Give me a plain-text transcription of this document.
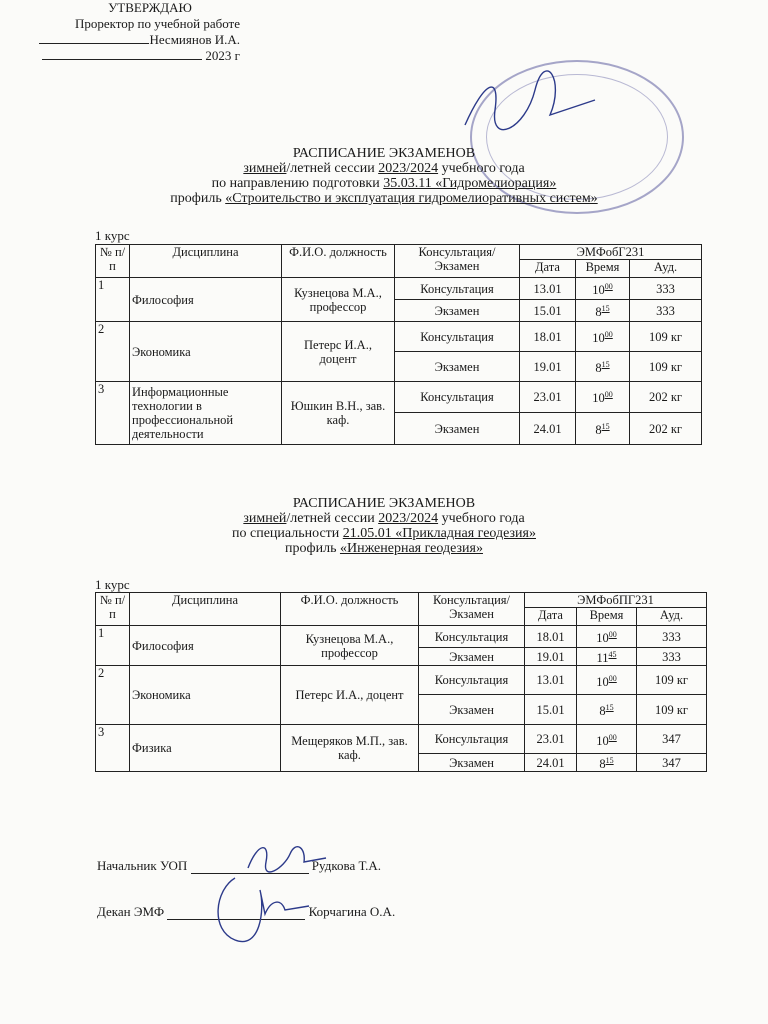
УТВЕРЖДАЮ
Проректор по учебной работе
Несмиянов И.А.
2023 г
РАСПИСАНИЕ ЭКЗАМЕНОВ
зимней/летней сессии 2023/2024 учебного года
по направлению подготовки 35.03.11 «Гидромелиорация»
профиль «Строительство и эксплуатация гидромелиоративных систем»
1 курс
№ п/п	Дисциплина	Ф.И.О. должность	Консультация/ Экзамен	ЭМФобГ231		
				Дата	Время	Ауд.
1	Философия	Кузнецова М.А., профессор	Консультация	13.01	$10^{00}$	333
			Экзамен	15.01	$8^{15}$	333
2	Экономика	Петерс И.А., доцент	Консультация	18.01	$10^{00}$	109 кг
			Экзамен	19.01	$8^{15}$	109 кг
3	Информационные технологии в профессиональной деятельности	Юшкин В.Н., зав. каф.	Консультация	23.01	$10^{00}$	202 кг
			Экзамен	24.01	$8^{15}$	202 кг
РАСПИСАНИЕ ЭКЗАМЕНОВ
зимней/летней сессии 2023/2024 учебного года
по специальности 21.05.01 «Прикладная геодезия»
профиль «Инженерная геодезия»
1 курс
№ п/п	Дисциплина	Ф.И.О. должность	Консультация/ Экзамен	ЭМФобПГ231		
				Дата	Время	Ауд.
1	Философия	Кузнецова М.А., профессор	Консультация	18.01	$10^{00}$	333
			Экзамен	19.01	$11^{45}$	333
2	Экономика	Петерс И.А., доцент	Консультация	13.01	$10^{00}$	109 кг
			Экзамен	15.01	$8^{15}$	109 кг
3	Физика	Мещеряков М.П., зав. каф.	Консультация	23.01	$10^{00}$	347
			Экзамен	24.01	$8^{15}$	347
Начальник УОП	Рудкова Т.А.
Декан ЭМФ	Корчагина О.А.
